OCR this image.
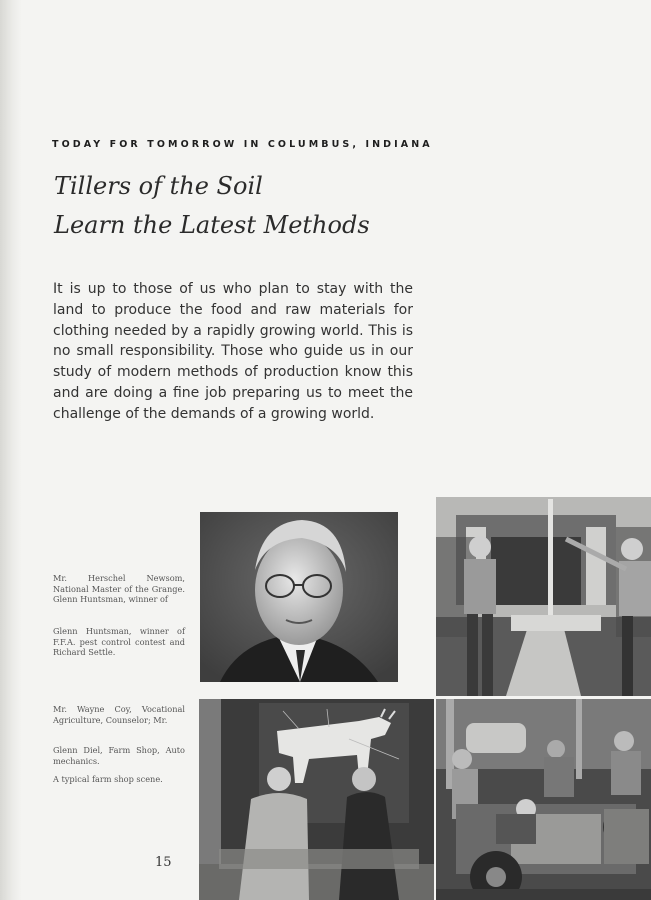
TODAY FOR TOMORROW IN COLUMBUS, INDIANA
Tillers of the Soil
Learn the Latest Methods
It is up to those of us who plan to stay with the land to produce the food and raw materials for clothing needed by a rapidly growing world. This is no small responsibility. Those who guide us in our study of modern methods of production know this and are doing a fine job preparing us to meet the challenge of the demands of a growing world.
Mr. Herschel Newsom, National Master of the Grange. Glenn Huntsman, winner of
Glenn Huntsman, winner of F.F.A. pest control contest and Richard Settle.
Mr. Wayne Coy, Vocational Agriculture, Counselor; Mr.
Glenn Diel, Farm Shop, Auto mechanics.
A typical farm shop scene.
15
